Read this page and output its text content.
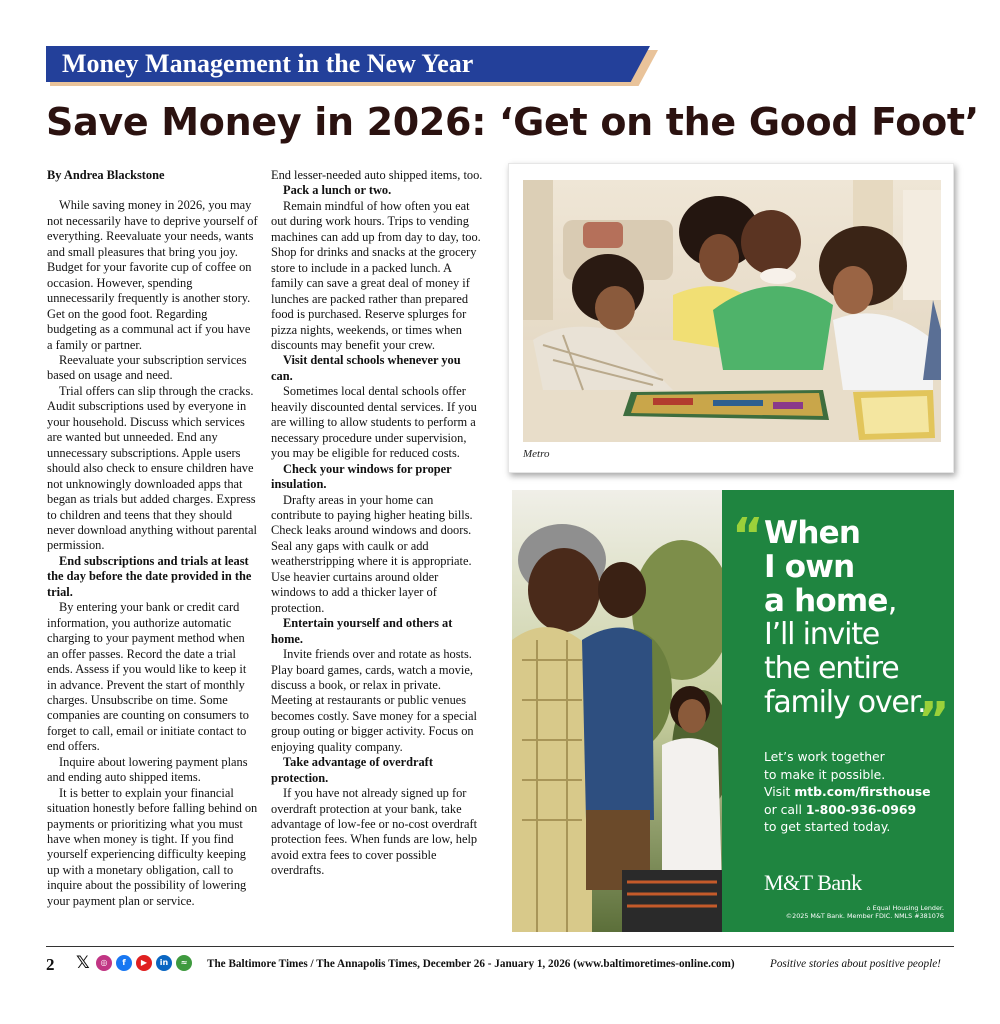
Money Management in the New Year
Save Money in 2026: ‘Get on the Good Foot’

By Andrea Blackstone

While saving money in 2026, you may not necessarily have to deprive yourself of everything. Reevaluate your needs, wants and small pleasures that bring you joy. Budget for your favorite cup of coffee on occasion. However, spending unnecessarily frequently is another story. Get on the good foot. Regarding budgeting as a communal act if you have a family or partner.

Reevaluate your subscription services based on usage and need.

Trial offers can slip through the cracks. Audit subscriptions used by everyone in your household. Discuss which services are wanted but unneeded. End any unnecessary subscriptions. Apple users should also check to ensure children have not unknowingly downloaded apps that began as trials but added charges. Express to children and teens that they should never download anything without parental permission.

End subscriptions and trials at least the day before the date provided in the trial.

By entering your bank or credit card information, you authorize automatic charging to your payment method when an offer passes. Record the date a trial ends. Assess if you would like to keep it in advance. Prevent the start of monthly charges. Unsubscribe on time. Some companies are counting on consumers to forget to call, email or initiate contact to end offers.

Inquire about lowering payment plans and ending auto shipped items.

It is better to explain your financial situation honestly before falling behind on payments or prioritizing what you must have when money is tight. If you find yourself experiencing difficulty keeping up with a monetary obligation, call to inquire about the possibility of lowering your payment plan or service.

End lesser-needed auto shipped items, too.

Pack a lunch or two.

Remain mindful of how often you eat out during work hours. Trips to vending machines can add up from day to day, too. Shop for drinks and snacks at the grocery store to include in a packed lunch. A family can save a great deal of money if lunches are packed rather than prepared food is purchased. Reserve splurges for pizza nights, weekends, or times when discounts may benefit your crew.

Visit dental schools whenever you can.

Sometimes local dental schools offer heavily discounted dental services. If you are willing to allow students to perform a necessary procedure under supervision, you may be eligible for reduced costs.

Check your windows for proper insulation.

Drafty areas in your home can contribute to paying higher heating bills. Check leaks around windows and doors. Seal any gaps with caulk or add weatherstripping where it is appropriate. Use heavier curtains around older windows to add a thicker layer of protection.

Entertain yourself and others at home.

Invite friends over and rotate as hosts. Play board games, cards, watch a movie, discuss a book, or relax in private. Meeting at restaurants or public venues becomes costly. Save money for a special group outing or bigger activity. Focus on enjoying quality company.

Take advantage of overdraft protection.

If you have not already signed up for overdraft protection at your bank, take advantage of low-fee or no-cost overdraft protection fees. When funds are low, help avoid extra fees to cover possible overdrafts.

Metro
“ When
I own
a home,
I’ll invite
the entire
family over.
”
Let’s work together
to make it possible.
Visit mtb.com/firsthouse
or call 1-800-936-0969
to get started today.
M&T Bank
⌂ Equal Housing Lender.
©2025 M&T Bank. Member FDIC. NMLS #381076
2 𝕏	◎	f	▶	in	≈	The Baltimore Times / The Annapolis Times, December 26 - January 1, 2026 (www.baltimoretimes-online.com)	Positive stories about positive people!
